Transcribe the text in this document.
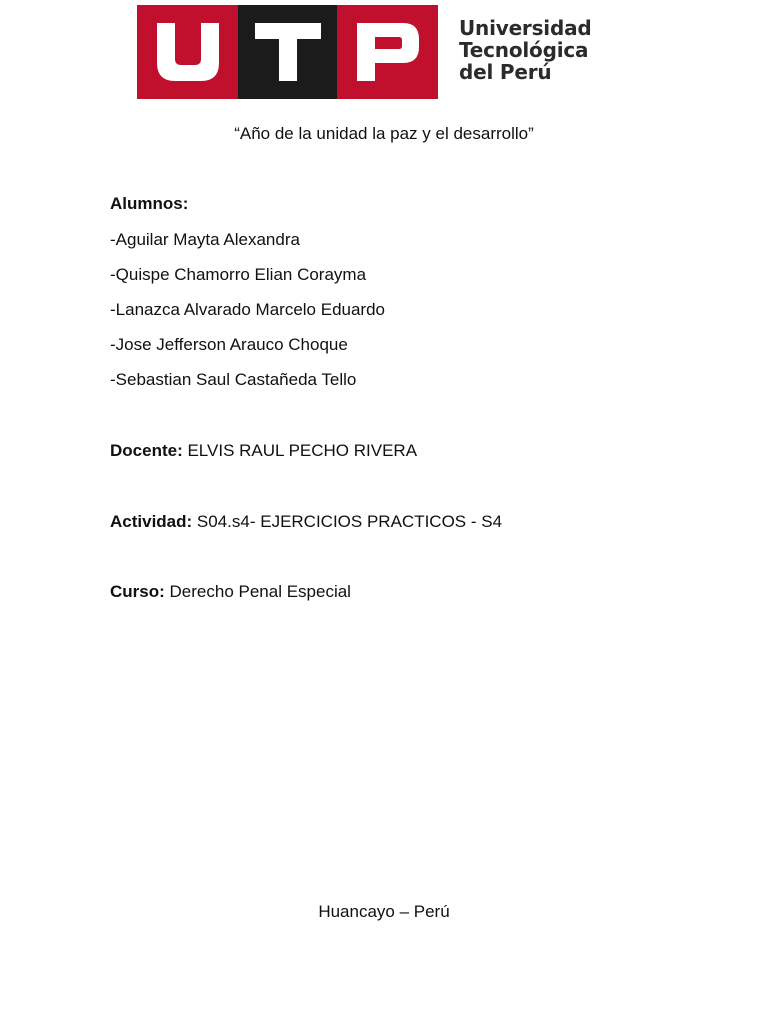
Universidad
Tecnológica
del Perú
“Año de la unidad la paz y el desarrollo”
Alumnos:
-Aguilar Mayta Alexandra
-Quispe Chamorro Elian Corayma
-Lanazca Alvarado Marcelo Eduardo
-Jose Jefferson Arauco Choque
-Sebastian Saul Castañeda Tello
Docente: ELVIS RAUL PECHO RIVERA
Actividad: S04.s4- EJERCICIOS PRACTICOS - S4
Curso: Derecho Penal Especial
Huancayo – Perú
